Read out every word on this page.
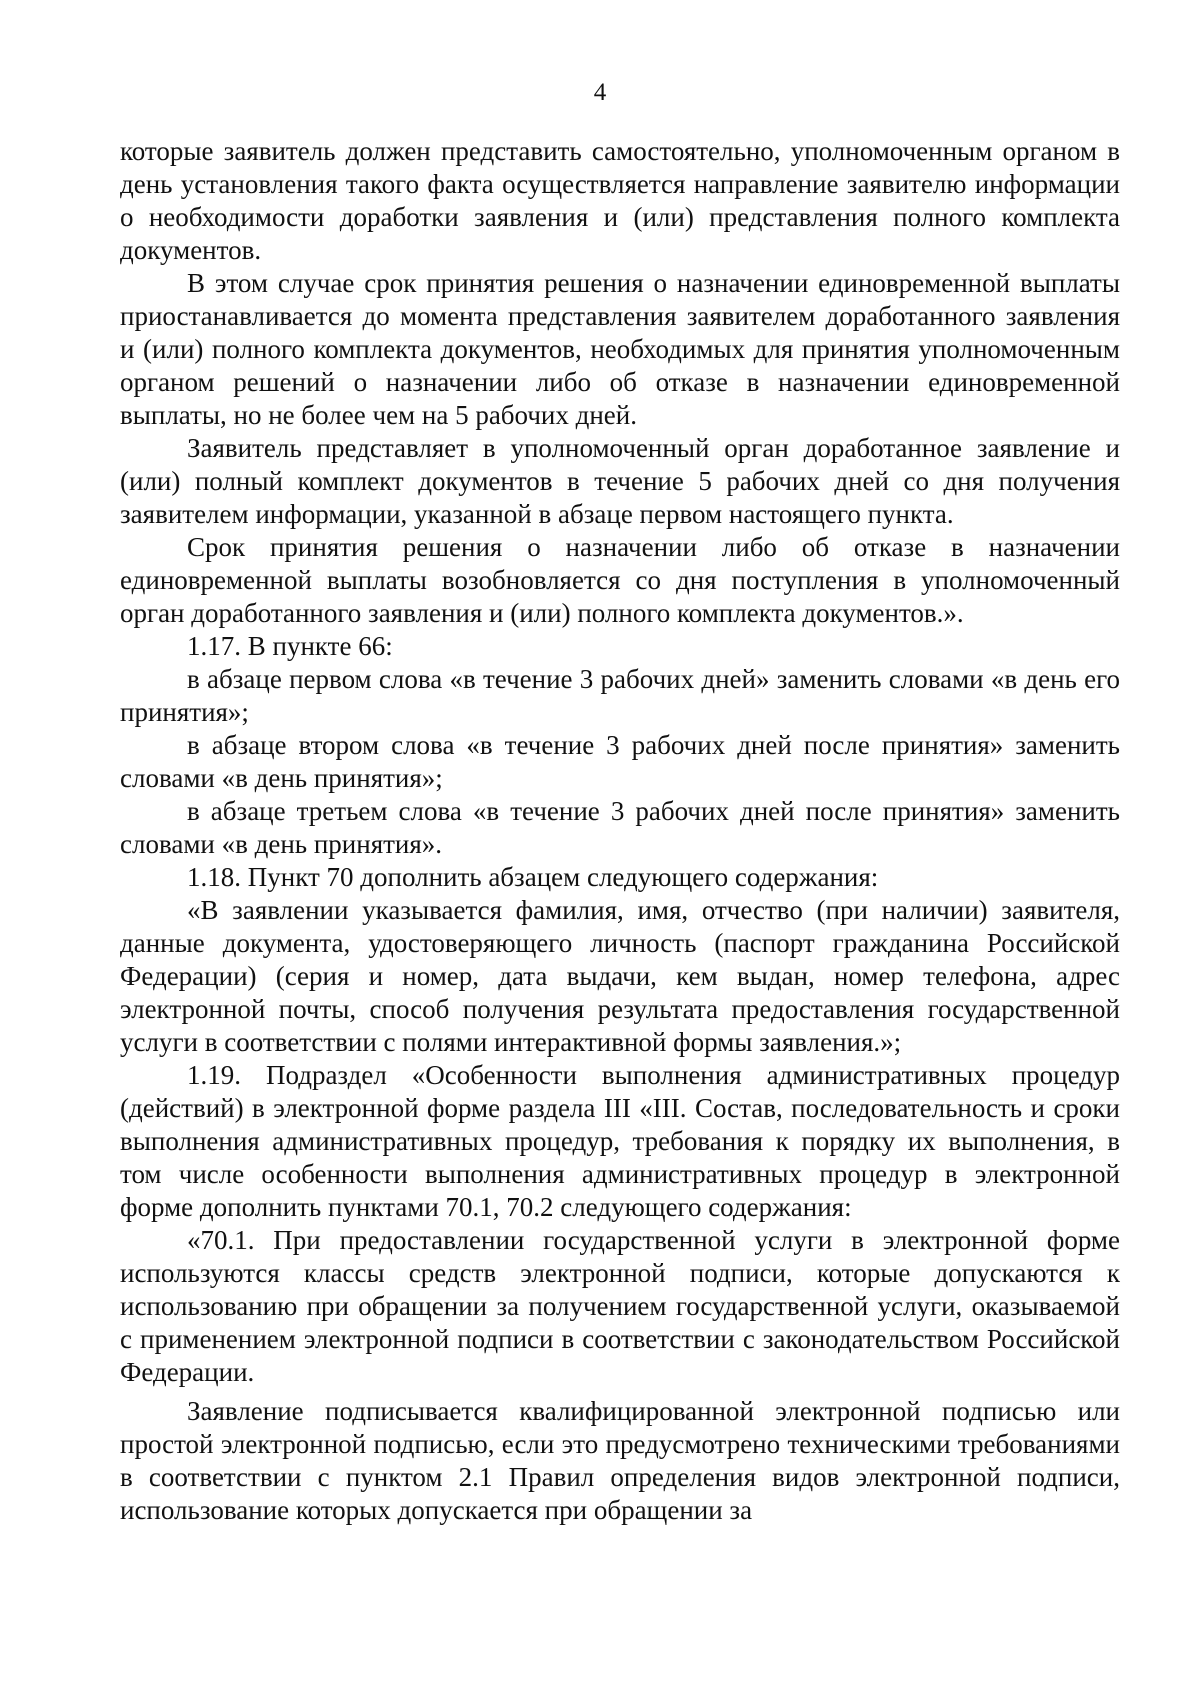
4

которые заявитель должен представить самостоятельно, уполномоченным органом в день установления такого факта осуществляется направление заявителю информации о необходимости доработки заявления и (или) представления полного комплекта документов.

В этом случае срок принятия решения о назначении единовременной выплаты приостанавливается до момента представления заявителем доработанного заявления и (или) полного комплекта документов, необходимых для принятия уполномоченным органом решений о назначении либо об отказе в назначении единовременной выплаты, но не более чем на 5 рабочих дней.

Заявитель представляет в уполномоченный орган доработанное заявление и (или) полный комплект документов в течение 5 рабочих дней со дня получения заявителем информации, указанной в абзаце первом настоящего пункта.

Срок принятия решения о назначении либо об отказе в назначении единовременной выплаты возобновляется со дня поступления в уполномоченный орган доработанного заявления и (или) полного комплекта документов.».

1.17. В пункте 66:

в абзаце первом слова «в течение 3 рабочих дней» заменить словами «в день его принятия»;

в абзаце втором слова «в течение 3 рабочих дней после принятия» заменить словами «в день принятия»;

в абзаце третьем слова «в течение 3 рабочих дней после принятия» заменить словами «в день принятия».

1.18. Пункт 70 дополнить абзацем следующего содержания:

«В заявлении указывается фамилия, имя, отчество (при наличии) заявителя, данные документа, удостоверяющего личность (паспорт гражданина Российской Федерации) (серия и номер, дата выдачи, кем выдан, номер телефона, адрес электронной почты, способ получения результата предоставления государственной услуги в соответствии с полями интерактивной формы заявления.»;

1.19. Подраздел «Особенности выполнения административных процедур (действий) в электронной форме раздела III «III. Состав, последовательность и сроки выполнения административных процедур, требования к порядку их выполнения, в том числе особенности выполнения административных процедур в электронной форме дополнить пунктами 70.1, 70.2 следующего содержания:

«70.1. При предоставлении государственной услуги в электронной форме используются классы средств электронной подписи, которые допускаются к использованию при обращении за получением государственной услуги, оказываемой с применением электронной подписи в соответствии с законодательством Российской Федерации.

Заявление подписывается квалифицированной электронной подписью или простой электронной подписью, если это предусмотрено техническими требованиями в соответствии с пунктом 2.1 Правил определения видов электронной подписи, использование которых допускается при обращении за
